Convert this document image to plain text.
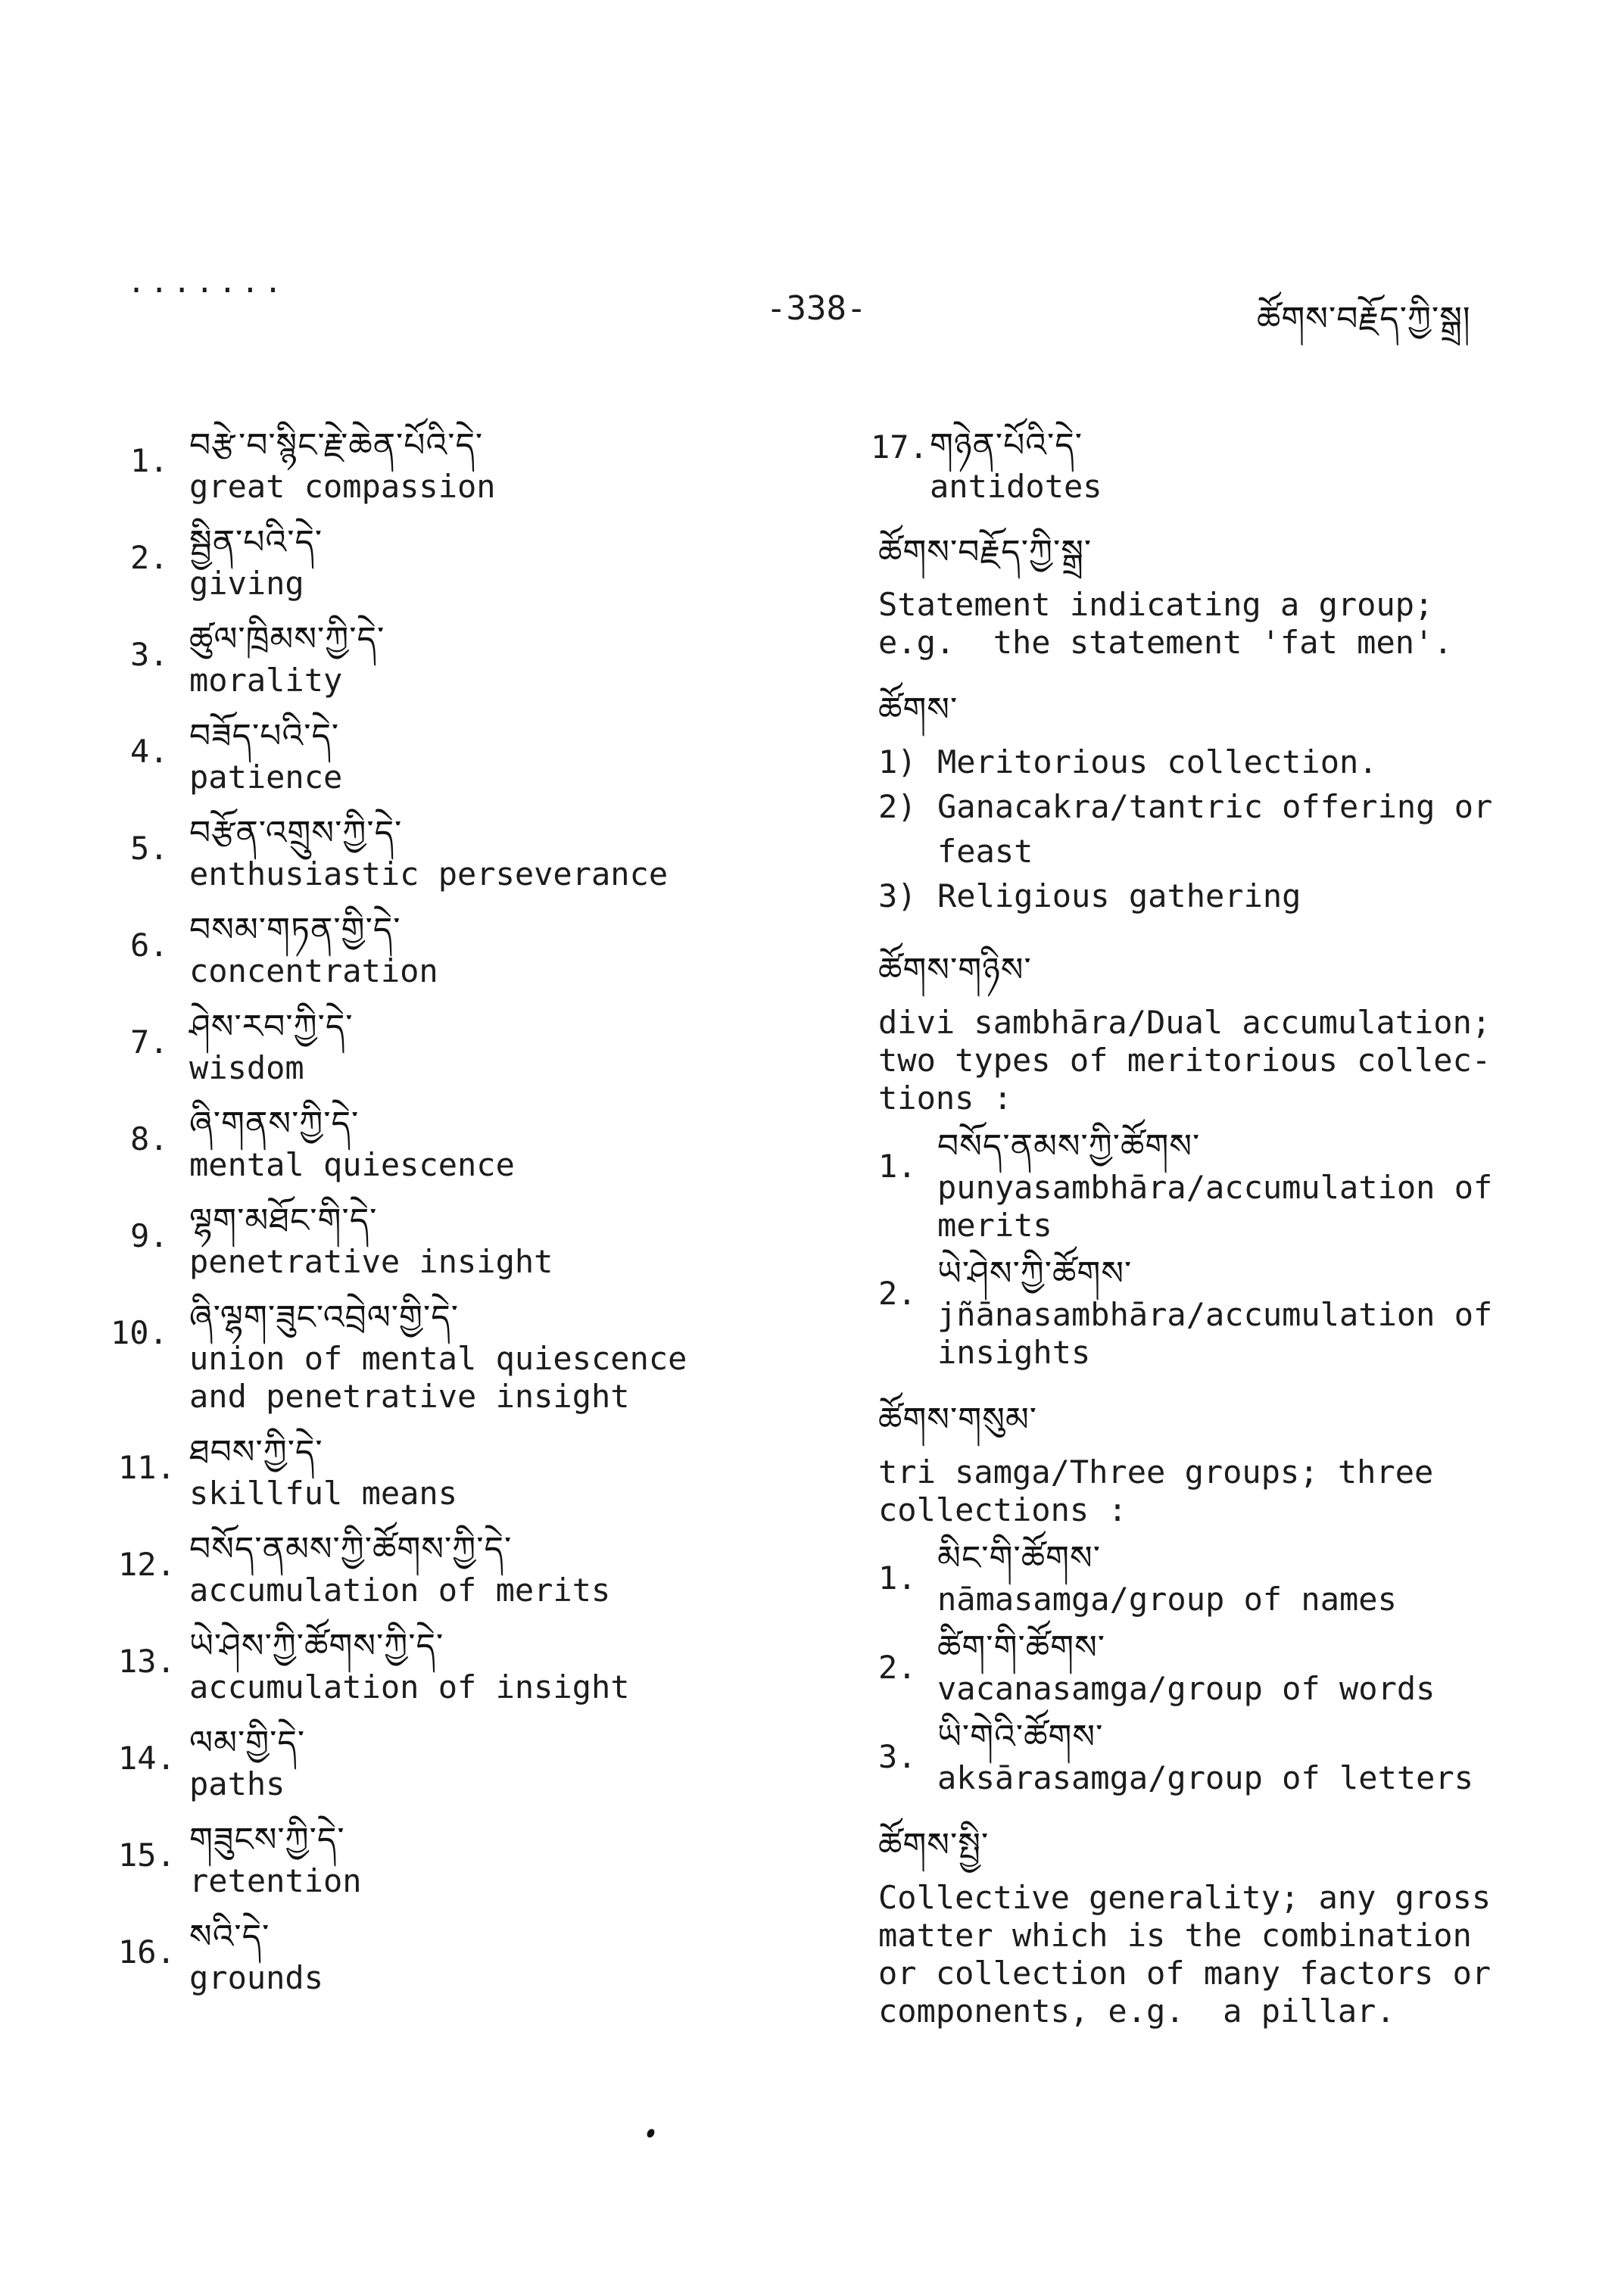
.......
-338-	ཚོགས་བརྗོད་ཀྱི་སྒྲ།
1. བརྩེ་བ་སྙིང་རྗེ་ཆེན་པོའི་དེ་
great compassion
2. སྦྱིན་པའི་དེ་
giving
3. ཚུལ་ཁྲིམས་ཀྱི་དེ་
morality
4. བཟོད་པའི་དེ་
patience
5. བརྩོན་འགྲུས་ཀྱི་དེ་
enthusiastic perseverance
6. བསམ་གཏན་གྱི་དེ་
concentration
7. ཤེས་རབ་ཀྱི་དེ་
wisdom
8. ཞི་གནས་ཀྱི་དེ་
mental quiescence
9. ལྷག་མཐོང་གི་དེ་
penetrative insight
10. ཞི་ལྷག་ཟུང་འབྲེལ་གྱི་དེ་
union of mental quiescence
and penetrative insight
11. ཐབས་ཀྱི་དེ་
skillful means
12. བསོད་ནམས་ཀྱི་ཚོགས་ཀྱི་དེ་
accumulation of merits
13. ཡེ་ཤེས་ཀྱི་ཚོགས་ཀྱི་དེ་
accumulation of insight
14. ལམ་གྱི་དེ་
paths
15. གཟུངས་ཀྱི་དེ་
retention
16. སའི་དེ་
grounds
17. གཉེན་པོའི་དེ་
antidotes
ཚོགས་བརྗོད་ཀྱི་སྒྲ་
Statement indicating a group;
e.g.  the statement 'fat men'.
ཚོགས་
1) Meritorious collection.
2) Ganacakra/tantric offering or
feast
3) Religious gathering
ཚོགས་གཉིས་
divi sambhāra/Dual accumulation;
two types of meritorious collec-
tions :
1.
བསོད་ནམས་ཀྱི་ཚོགས་
punyasambhāra/accumulation of
merits
2.
ཡེ་ཤེས་ཀྱི་ཚོགས་
jñānasambhāra/accumulation of
insights
ཚོགས་གསུམ་
tri samga/Three groups; three
collections :
1.
མིང་གི་ཚོགས་
nāmasamga/group of names
2.
ཚིག་གི་ཚོགས་
vacanasamga/group of words
3.
ཡི་གེའི་ཚོགས་
aksārasamga/group of letters
ཚོགས་སྤྱི་
Collective generality; any gross
matter which is the combination
or collection of many factors or
components, e.g.  a pillar.
